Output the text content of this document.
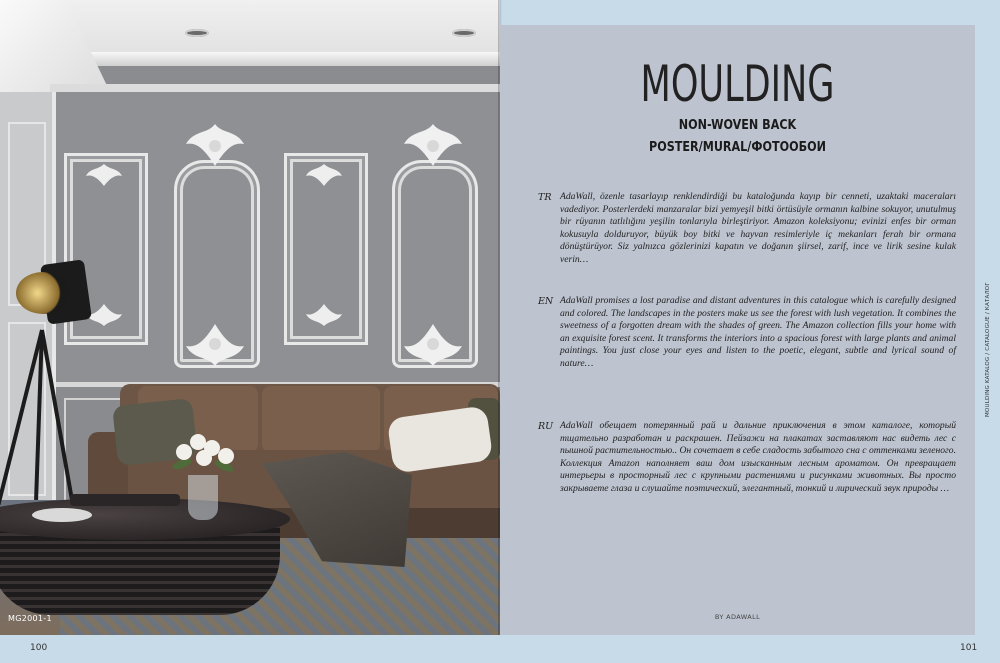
MG2001-1
MOULDING
NON-WOVEN BACK
POSTER/MURAL/ФОТООБОИ
TR AdaWall, özenle tasarlayıp renklendirdiği bu kataloğunda kayıp bir cenneti, uzaktaki maceraları vadediyor. Posterlerdeki manzaralar bizi yemyeşil bitki örtüsüyle ormanın kalbine sokuyor, unutulmuş bir rüyanın tatlılığını yeşilin tonlarıyla birleştiriyor. Amazon koleksiyonu; evinizi enfes bir orman kokusuyla dolduruyor, büyük boy bitki ve hayvan resimleriyle iç mekanları ferah bir ormana dönüştürüyor. Siz yalnızca gözlerinizi kapatın ve doğanın şiirsel, zarif, ince ve lirik sesine kulak verin…

EN AdaWall promises a lost paradise and distant adventures in this catalogue which is carefully designed and colored. The landscapes in the posters make us see the forest with lush vegetation. It combines the sweetness of a forgotten dream with the shades of green. The Amazon collection fills your home with an exquisite forest scent. It transforms the interiors into a spacious forest with large plants and animal paintings. You just close your eyes and listen to the poetic, elegant, subtle and lyrical sound of nature…

RU AdaWall обещает потерянный рай и дальние приключения в этом каталоге, который тщательно разработан и раскрашен. Пейзажи на плакатах заставляют нас видеть лес с пышной растительностью.. Он сочетает в себе сладость забытого сна с оттенками зеленого. Коллекция Amazon наполняет ваш дом изысканным лесным ароматом. Он превращает интерьеры в просторный лес с крупными растениями и рисунками животных. Вы просто закрываете глаза и слушайте поэтический, элегантный, тонкий и лирический звук природы …

BY ADAWALL
MOULDING KATALOG / CATALOGUE / КАТАЛОГ
100	101
